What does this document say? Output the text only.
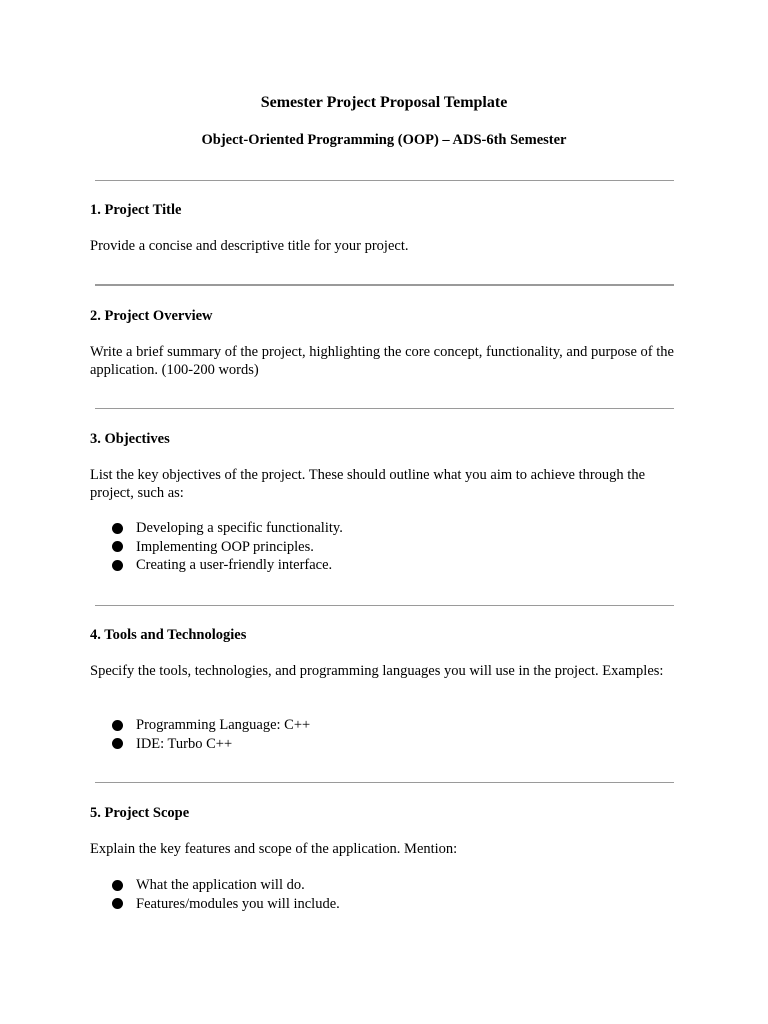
Semester Project Proposal Template

Object-Oriented Programming (OOP) – ADS-6th Semester

1. Project Title

Provide a concise and descriptive title for your project.

2. Project Overview

Write a brief summary of the project, highlighting the core concept, functionality, and purpose of the application. (100-200 words)

3. Objectives

List the key objectives of the project. These should outline what you aim to achieve through the project, such as:

Developing a specific functionality.
Implementing OOP principles.
Creating a user-friendly interface.
4. Tools and Technologies

Specify the tools, technologies, and programming languages you will use in the project. Examples:

Programming Language: C++
IDE: Turbo C++
5. Project Scope

Explain the key features and scope of the application. Mention:

What the application will do.
Features/modules you will include.
